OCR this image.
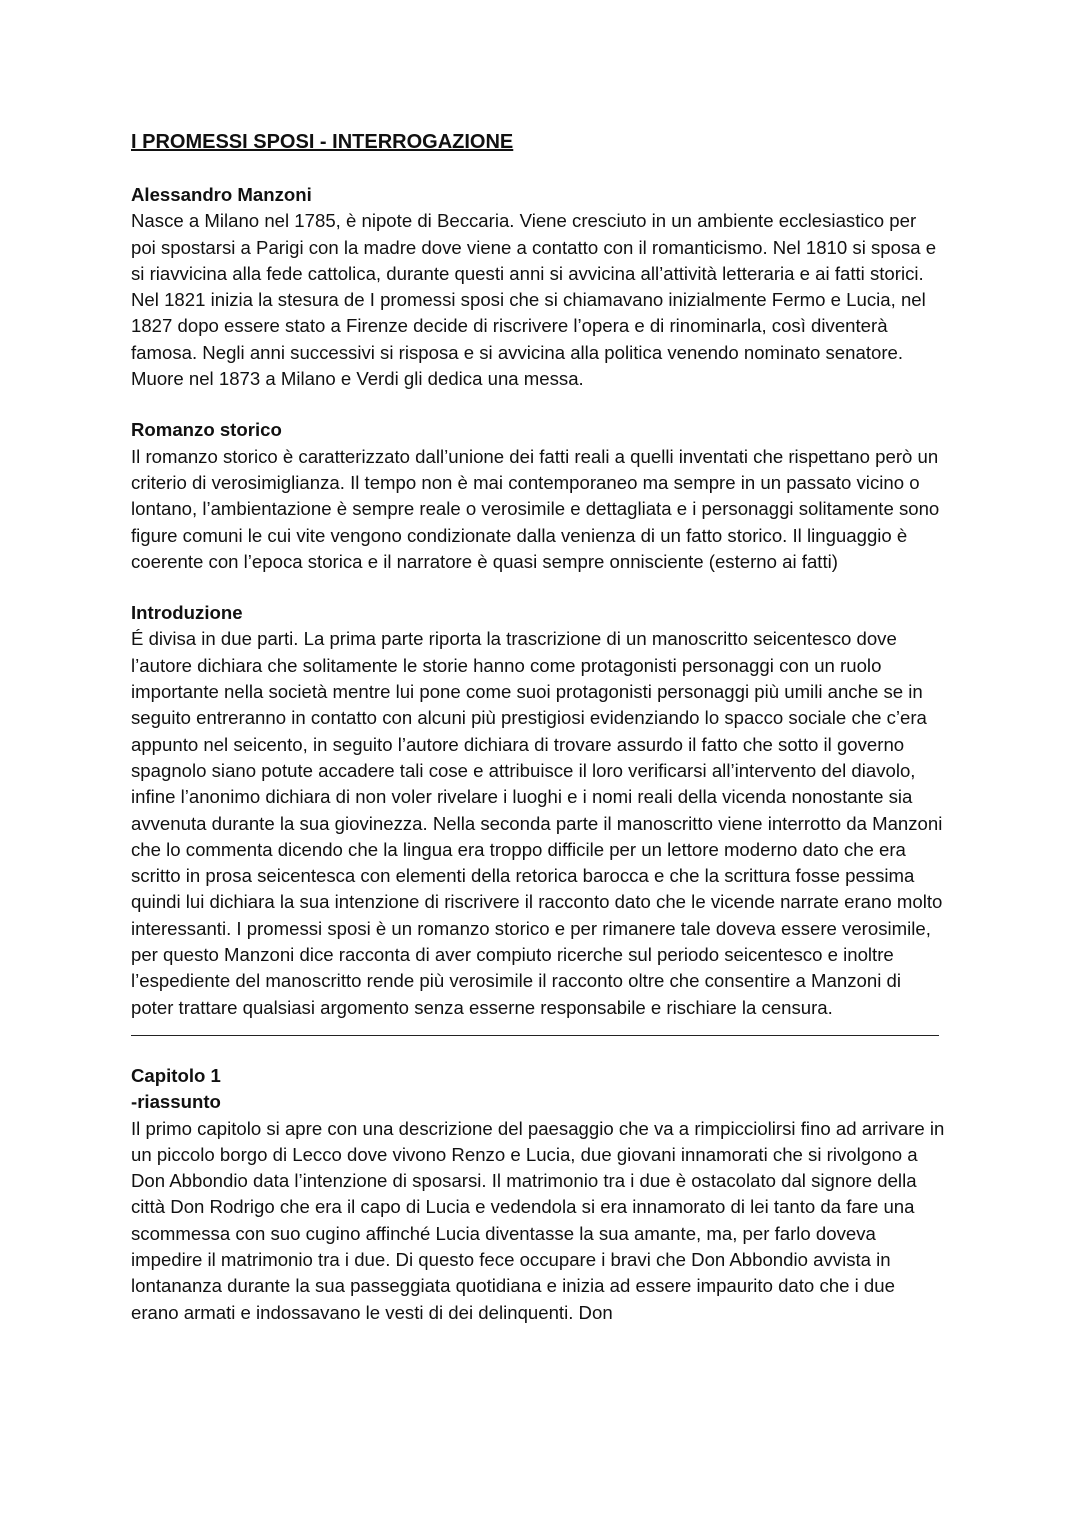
I PROMESSI SPOSI - INTERROGAZIONE
Alessandro Manzoni

Nasce a Milano nel 1785, è nipote di Beccaria. Viene cresciuto in un ambiente ecclesiastico per poi spostarsi a Parigi con la madre dove viene a contatto con il romanticismo. Nel 1810 si sposa e si riavvicina alla fede cattolica, durante questi anni si avvicina all’attività letteraria e ai fatti storici. Nel 1821 inizia la stesura de I promessi sposi che si chiamavano inizialmente Fermo e Lucia, nel 1827 dopo essere stato a Firenze decide di riscrivere l’opera e di rinominarla, così diventerà famosa. Negli anni successivi si risposa e si avvicina alla politica venendo nominato senatore. Muore nel 1873 a Milano e Verdi gli dedica una messa.

Romanzo storico

Il romanzo storico è caratterizzato dall’unione dei fatti reali a quelli inventati che rispettano però un criterio di verosimiglianza. Il tempo non è mai contemporaneo ma sempre in un passato vicino o lontano, l’ambientazione è sempre reale o verosimile e dettagliata e i personaggi solitamente sono figure comuni le cui vite vengono condizionate dalla venienza di un fatto storico. Il linguaggio è coerente con l’epoca storica e il narratore è quasi sempre onnisciente (esterno ai fatti)

Introduzione

É divisa in due parti. La prima parte riporta la trascrizione di un manoscritto seicentesco dove l’autore dichiara che solitamente le storie hanno come protagonisti personaggi con un ruolo importante nella società mentre lui pone come suoi protagonisti personaggi più umili anche se in seguito entreranno in contatto con alcuni più prestigiosi evidenziando lo spacco sociale che c’era appunto nel seicento, in seguito l’autore dichiara di trovare assurdo il fatto che sotto il governo spagnolo siano potute accadere tali cose e attribuisce il loro verificarsi all’intervento del diavolo, infine l’anonimo dichiara di non voler rivelare i luoghi e i nomi reali della vicenda nonostante sia avvenuta durante la sua giovinezza. Nella seconda parte il manoscritto viene interrotto da Manzoni che lo commenta dicendo che la lingua era troppo difficile per un lettore moderno dato che era scritto in prosa seicentesca con elementi della retorica barocca e che la scrittura fosse pessima quindi lui dichiara la sua intenzione di riscrivere il racconto dato che le vicende narrate erano molto interessanti. I promessi sposi è un romanzo storico e per rimanere tale doveva essere verosimile, per questo Manzoni dice racconta di aver compiuto ricerche sul periodo seicentesco e inoltre l’espediente del manoscritto rende più verosimile il racconto oltre che consentire a Manzoni di poter trattare qualsiasi argomento senza esserne responsabile e rischiare la censura.

Capitolo 1
-riassunto

Il primo capitolo si apre con una descrizione del paesaggio che va a rimpicciolirsi fino ad arrivare in un piccolo borgo di Lecco dove vivono Renzo e Lucia, due giovani innamorati che si rivolgono a Don Abbondio data l’intenzione di sposarsi. Il matrimonio tra i due è ostacolato dal signore della città Don Rodrigo che era il capo di Lucia e vedendola si era innamorato di lei tanto da fare una scommessa con suo cugino affinché Lucia diventasse la sua amante, ma, per farlo doveva impedire il matrimonio tra i due. Di questo fece occupare i bravi che Don Abbondio avvista in lontananza durante la sua passeggiata quotidiana e inizia ad essere impaurito dato che i due erano armati e indossavano le vesti di dei delinquenti. Don
